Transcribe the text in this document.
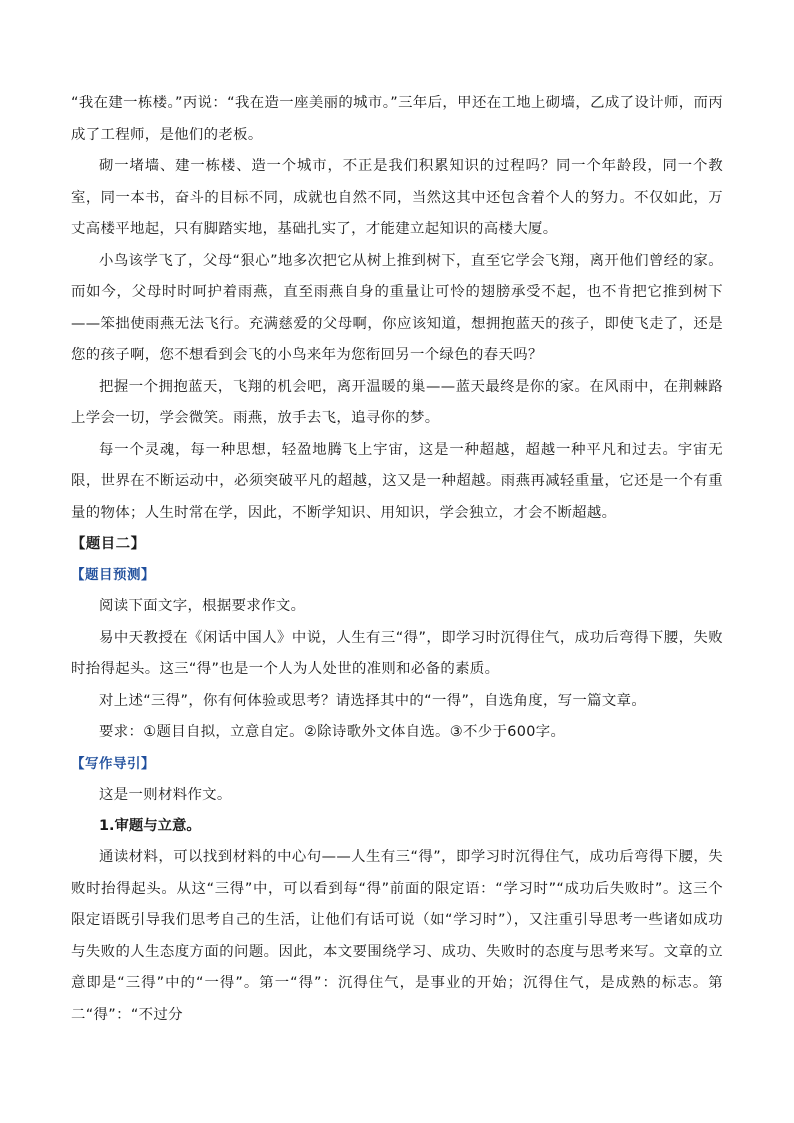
“我在建一栋楼。”丙说：“我在造一座美丽的城市。”三年后，甲还在工地上砌墙，乙成了设计师，而丙成了工程师，是他们的老板。

砌一堵墙、建一栋楼、造一个城市，不正是我们积累知识的过程吗？同一个年龄段，同一个教室，同一本书，奋斗的目标不同，成就也自然不同，当然这其中还包含着个人的努力。不仅如此，万丈高楼平地起，只有脚踏实地，基础扎实了，才能建立起知识的高楼大厦。

小鸟该学飞了，父母“狠心”地多次把它从树上推到树下，直至它学会飞翔，离开他们曾经的家。而如今，父母时时呵护着雨燕，直至雨燕自身的重量让可怜的翅膀承受不起，也不肯把它推到树下——笨拙使雨燕无法飞行。充满慈爱的父母啊，你应该知道，想拥抱蓝天的孩子，即使飞走了，还是您的孩子啊，您不想看到会飞的小鸟来年为您衔回另一个绿色的春天吗？

把握一个拥抱蓝天，飞翔的机会吧，离开温暖的巢——蓝天最终是你的家。在风雨中，在荆棘路上学会一切，学会微笑。雨燕，放手去飞，追寻你的梦。

每一个灵魂，每一种思想，轻盈地腾飞上宇宙，这是一种超越，超越一种平凡和过去。宇宙无限，世界在不断运动中，必须突破平凡的超越，这又是一种超越。雨燕再减轻重量，它还是一个有重量的物体；人生时常在学，因此，不断学知识、用知识，学会独立，才会不断超越。

【题目二】
【题目预测】

阅读下面文字，根据要求作文。

易中天教授在《闲话中国人》中说，人生有三“得”，即学习时沉得住气，成功后弯得下腰，失败时抬得起头。这三“得”也是一个人为人处世的准则和必备的素质。

对上述“三得”，你有何体验或思考？请选择其中的“一得”，自选角度，写一篇文章。

要求：①题目自拟，立意自定。②除诗歌外文体自选。③不少于600字。

【写作导引】

这是一则材料作文。

1.审题与立意。

通读材料，可以找到材料的中心句——人生有三“得”，即学习时沉得住气，成功后弯得下腰，失败时抬得起头。从这“三得”中，可以看到每“得”前面的限定语：“学习时”“成功后失败时”。这三个限定语既引导我们思考自己的生活，让他们有话可说（如“学习时”），又注重引导思考一些诸如成功与失败的人生态度方面的问题。因此，本文要围绕学习、成功、失败时的态度与思考来写。文章的立意即是“三得”中的“一得”。第一“得”：沉得住气，是事业的开始；沉得住气，是成熟的标志。第二“得”：“不过分
